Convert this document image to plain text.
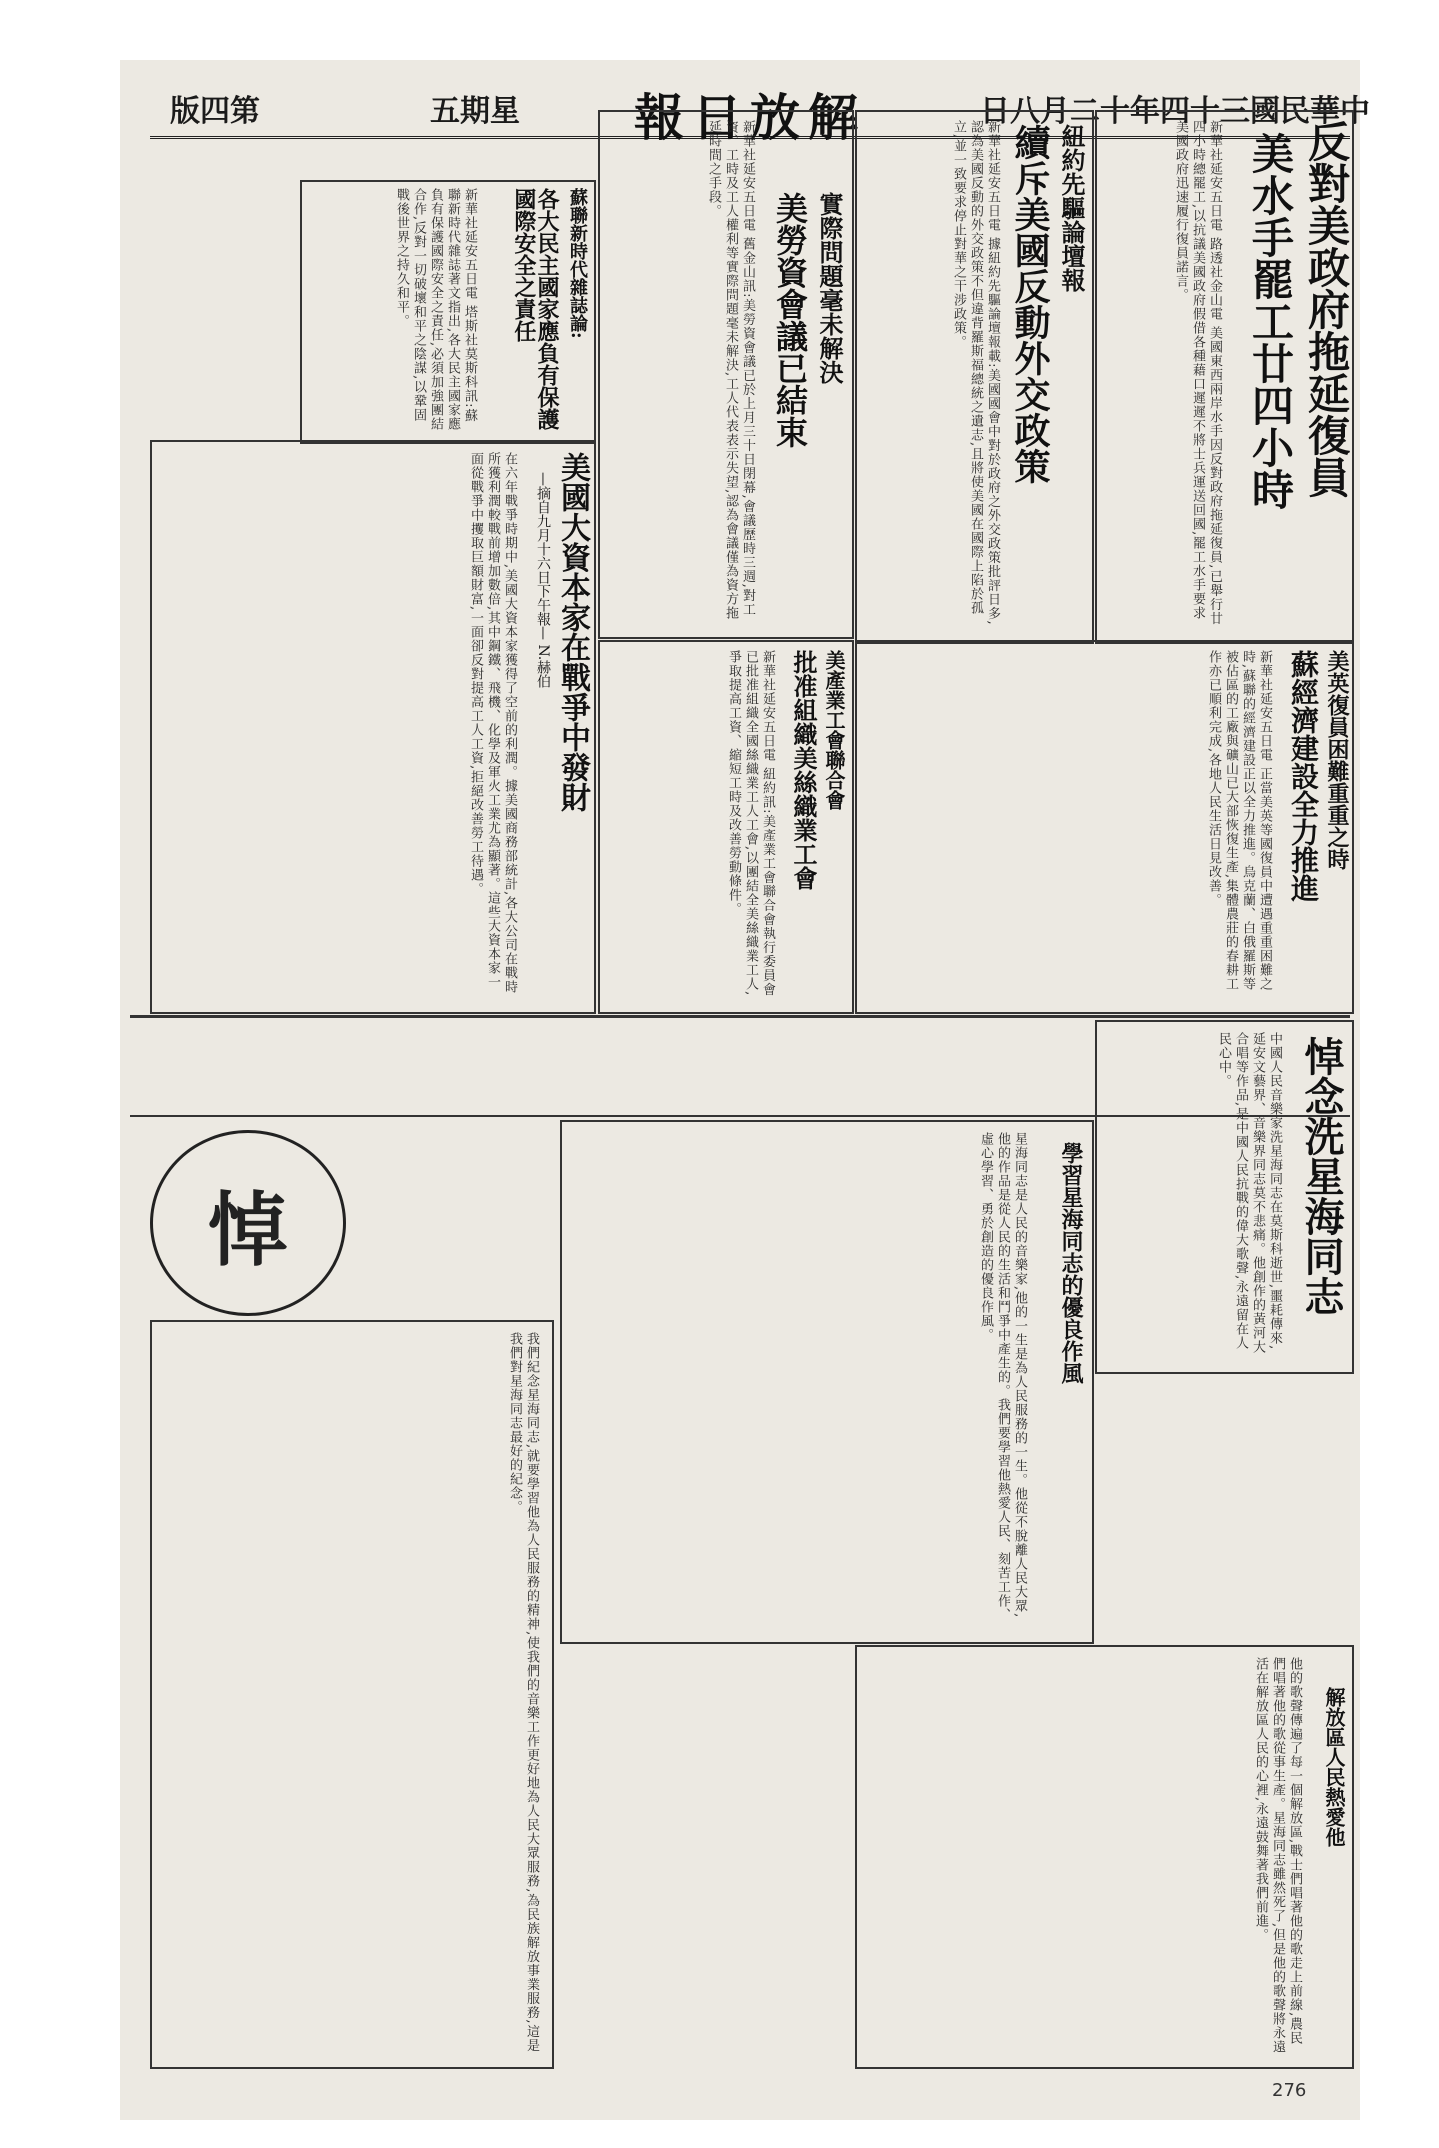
版四第	五期星	報日放解	日八月二十年四十三國民華中
反對美政府拖延復員
美水手罷工廿四小時
新華社延安五日電 路透社金山電 美國東西兩岸水手因反對政府拖延復員,已舉行廿四小時總罷工,以抗議美國政府假借各種藉口遲遲不將士兵運送回國,罷工水手要求美國政府迅速履行復員諾言。
紐約先驅論壇報
續斥美國反動外交政策
新華社延安五日電 據紐約先驅論壇報載:美國國會中對於政府之外交政策批評日多,認為美國反動的外交政策不但違背羅斯福總統之遺志,且將使美國在國際上陷於孤立,並一致要求停止對華之干涉政策。
實際問題毫未解決
美勞資會議已結束
新華社延安五日電 舊金山訊:美勞資會議已於上月三十日閉幕,會議歷時三週,對工資、工時及工人權利等實際問題毫未解決,工人代表表示失望,認為會議僅為資方拖延時間之手段。
蘇聯新時代雜誌論:
各大民主國家應負有保護國際安全之責任
新華社延安五日電 塔斯社莫斯科訊:蘇聯新時代雜誌著文指出,各大民主國家應負有保護國際安全之責任,必須加強團結合作,反對一切破壞和平之陰謀,以鞏固戰後世界之持久和平。
美國大資本家在戰爭中發財
—摘自九月十六日下午報— N.赫伯
在六年戰爭時期中,美國大資本家獲得了空前的利潤。據美國商務部統計,各大公司在戰時所獲利潤較戰前增加數倍,其中鋼鐵、飛機、化學及軍火工業尤為顯著。這些大資本家一面從戰爭中攫取巨額財富,一面卻反對提高工人工資,拒絕改善勞工待遇。	美英復員困難重重之時
蘇經濟建設全力推進
新華社延安五日電 正當美英等國復員中遭遇重重困難之時,蘇聯的經濟建設正以全力推進。烏克蘭、白俄羅斯等被佔區的工廠與礦山已大部恢復生產,集體農莊的春耕工作亦已順利完成,各地人民生活日見改善。
美產業工會聯合會
批准組織美絲織業工會
新華社延安五日電 紐約訊:美產業工會聯合會執行委員會已批准組織全國絲織業工人工會,以團結全美絲織業工人,爭取提高工資、縮短工時及改善勞動條件。
悼念洗星海同志
中國人民音樂家洗星海同志在莫斯科逝世,噩耗傳來,延安文藝界、音樂界同志莫不悲痛。他創作的黃河大合唱等作品,是中國人民抗戰的偉大歌聲,永遠留在人民心中。
悼	學習星海同志的優良作風
星海同志是人民的音樂家,他的一生是為人民服務的一生。他從不脫離人民大眾,他的作品是從人民的生活和鬥爭中產生的。我們要學習他熱愛人民、刻苦工作、虛心學習、勇於創造的優良作風。
解放區人民熱愛他
他的歌聲傳遍了每一個解放區,戰士們唱著他的歌走上前線,農民們唱著他的歌從事生產。星海同志雖然死了,但是他的歌聲將永遠活在解放區人民的心裡,永遠鼓舞著我們前進。
我們紀念星海同志,就要學習他為人民服務的精神,使我們的音樂工作更好地為人民大眾服務,為民族解放事業服務,這是我們對星海同志最好的紀念。
276
